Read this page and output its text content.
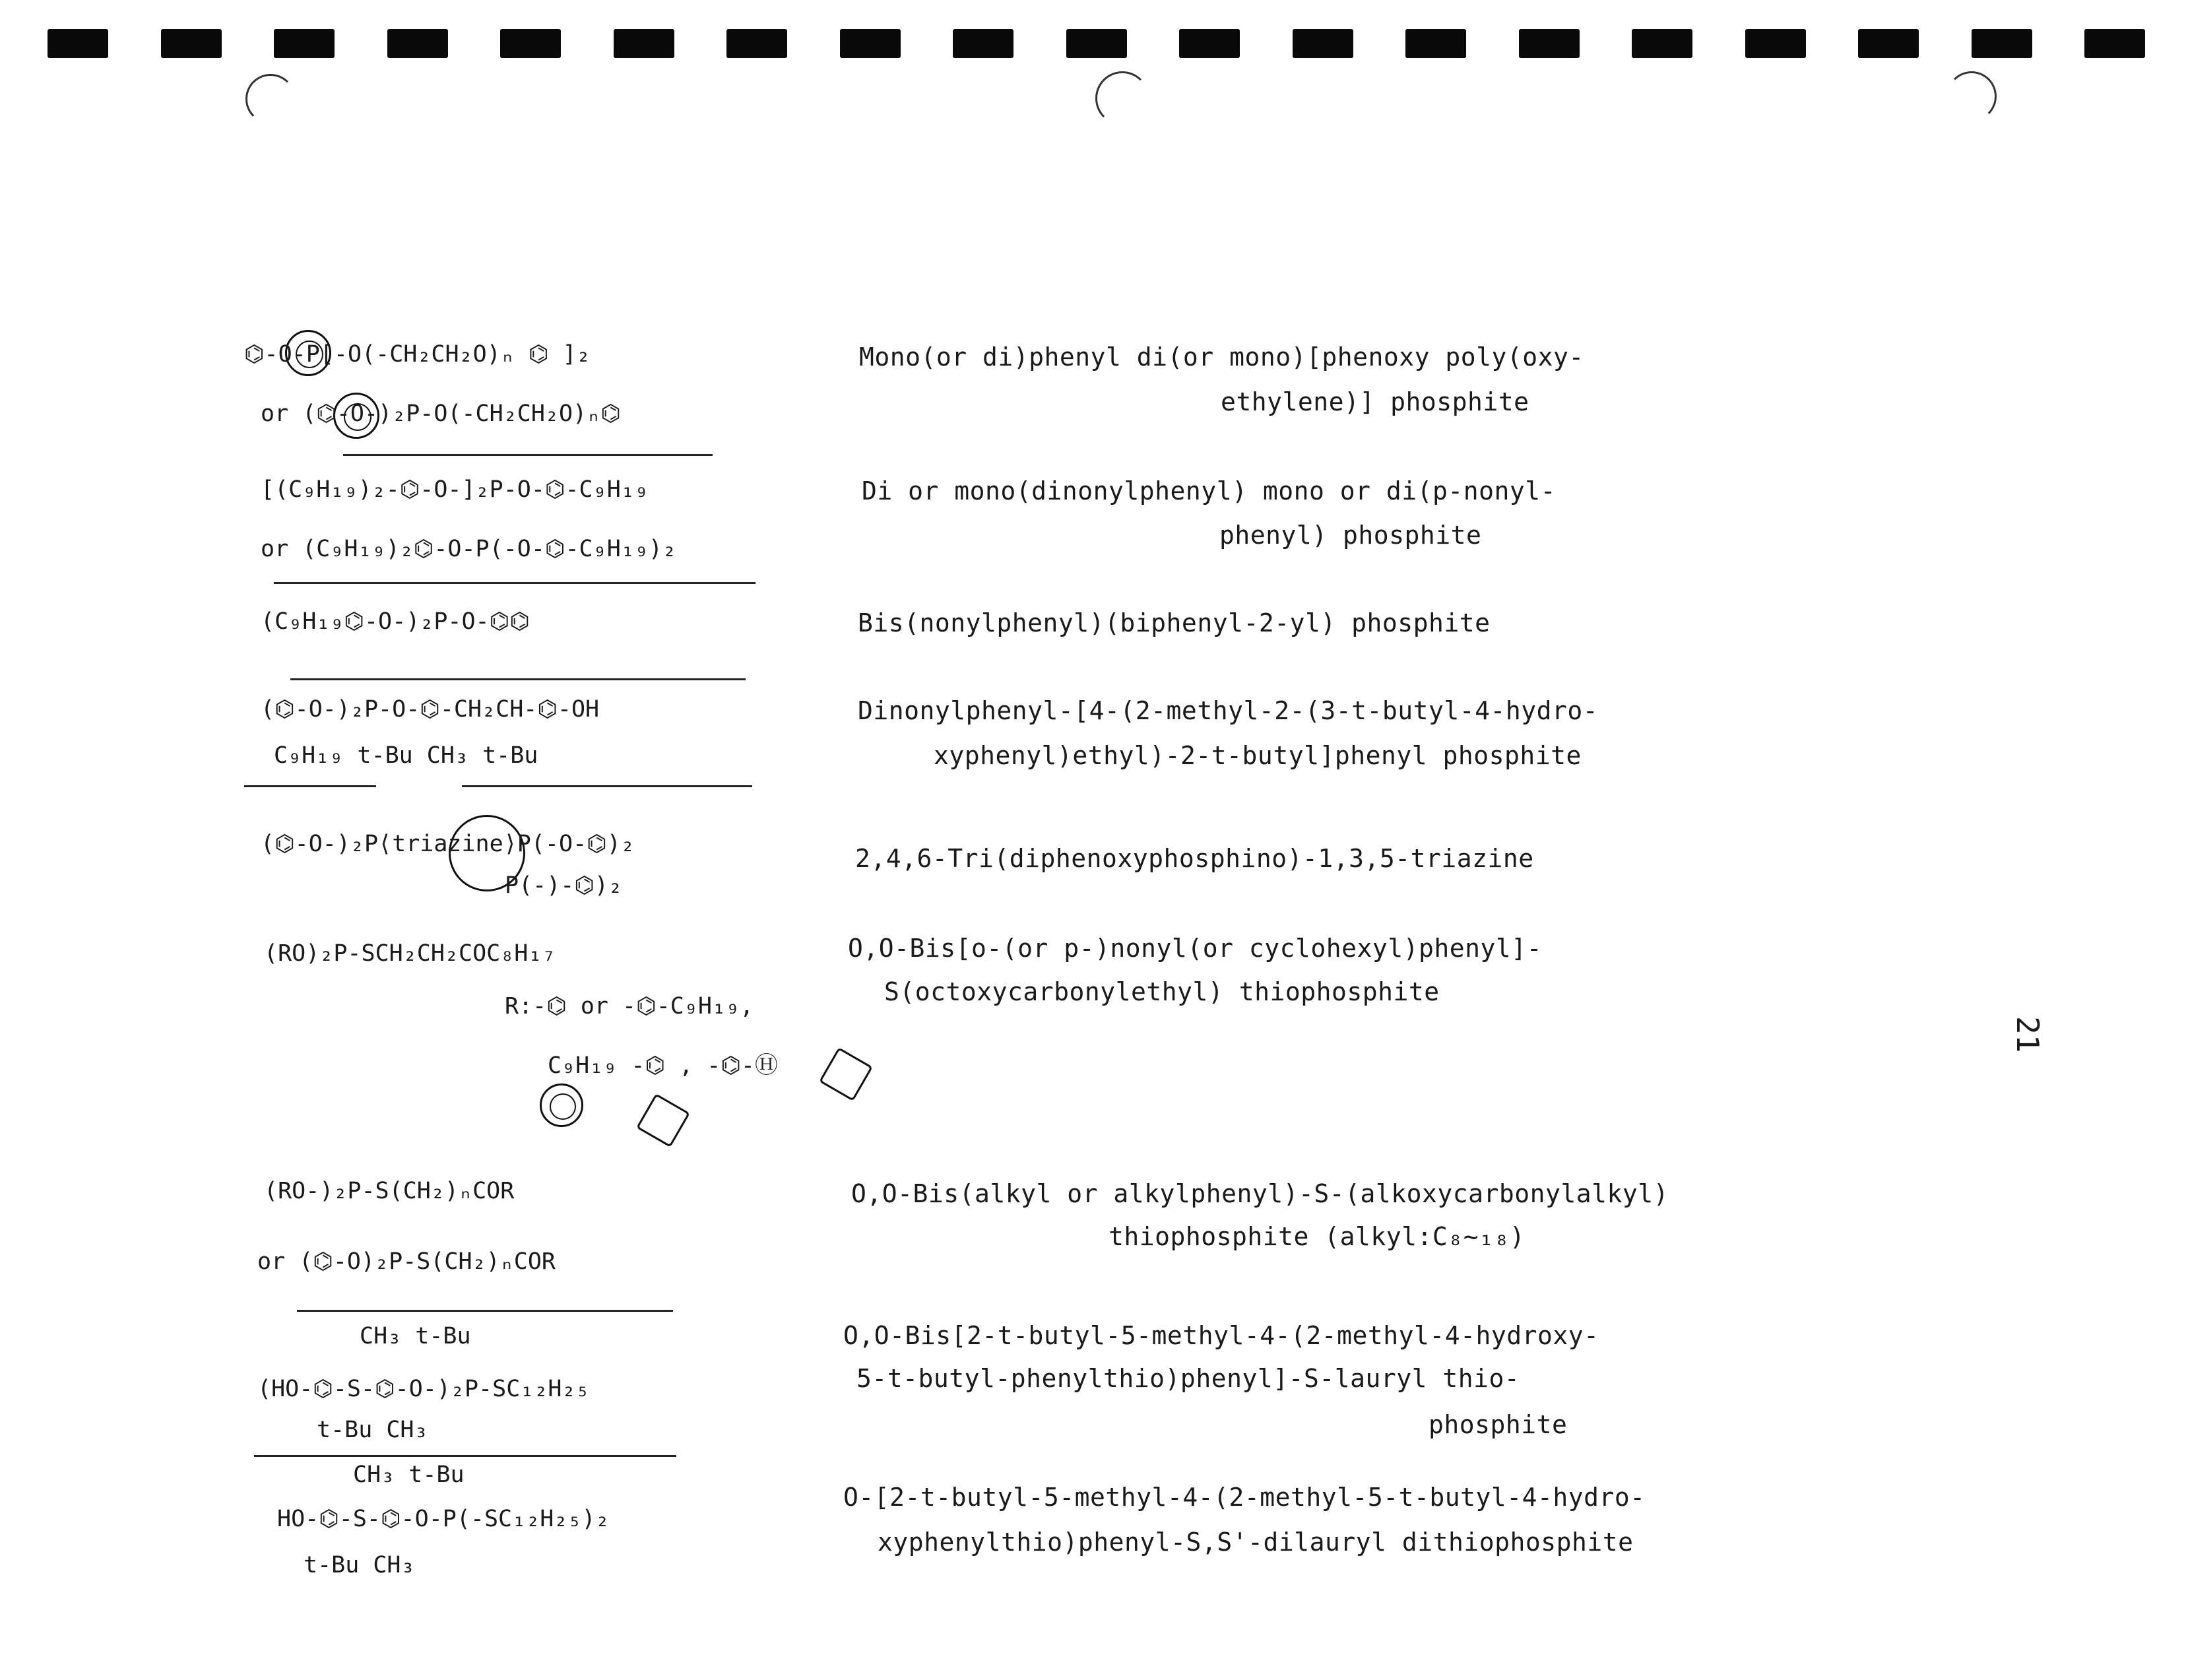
⌬-O-P[-O(-CH₂CH₂O)ₙ ⌬ ]₂
or (⌬-O-)₂P-O(-CH₂CH₂O)ₙ⌬
Mono(or di)phenyl di(or mono)[phenoxy poly(oxy-
ethylene)] phosphite
[(C₉H₁₉)₂-⌬-O-]₂P-O-⌬-C₉H₁₉
or (C₉H₁₉)₂⌬-O-P(-O-⌬-C₉H₁₉)₂
Di or mono(dinonylphenyl) mono or di(p-nonyl-
phenyl) phosphite
(C₉H₁₉⌬-O-)₂P-O-⌬⌬	Bis(nonylphenyl)(biphenyl-2-yl) phosphite
(⌬-O-)₂P-O-⌬-CH₂CH-⌬-OH
C₉H₁₉ t-Bu CH₃ t-Bu
Dinonylphenyl-[4-(2-methyl-2-(3-t-butyl-4-hydro-
xyphenyl)ethyl)-2-t-butyl]phenyl phosphite
(⌬-O-)₂P⟨triazine⟩P(-O-⌬)₂
P(-)-⌬)₂
2,4,6-Tri(diphenoxyphosphino)-1,3,5-triazine
(RO)₂P-SCH₂CH₂COC₈H₁₇
R:-⌬ or -⌬-C₉H₁₉,
C₉H₁₉ -⌬ , -⌬-Ⓗ
O,O-Bis[o-(or p-)nonyl(or cyclohexyl)phenyl]-
S(octoxycarbonylethyl) thiophosphite
(RO-)₂P-S(CH₂)ₙCOR
or (⌬-O)₂P-S(CH₂)ₙCOR
O,O-Bis(alkyl or alkylphenyl)-S-(alkoxycarbonylalkyl)
thiophosphite (alkyl:C₈~₁₈)
CH₃ t-Bu
(HO-⌬-S-⌬-O-)₂P-SC₁₂H₂₅
t-Bu CH₃
O,O-Bis[2-t-butyl-5-methyl-4-(2-methyl-4-hydroxy-
5-t-butyl-phenylthio)phenyl]-S-lauryl thio-
phosphite
CH₃ t-Bu
HO-⌬-S-⌬-O-P(-SC₁₂H₂₅)₂
t-Bu CH₃
O-[2-t-butyl-5-methyl-4-(2-methyl-5-t-butyl-4-hydro-
xyphenylthio)phenyl-S,S'-dilauryl dithiophosphite
21
